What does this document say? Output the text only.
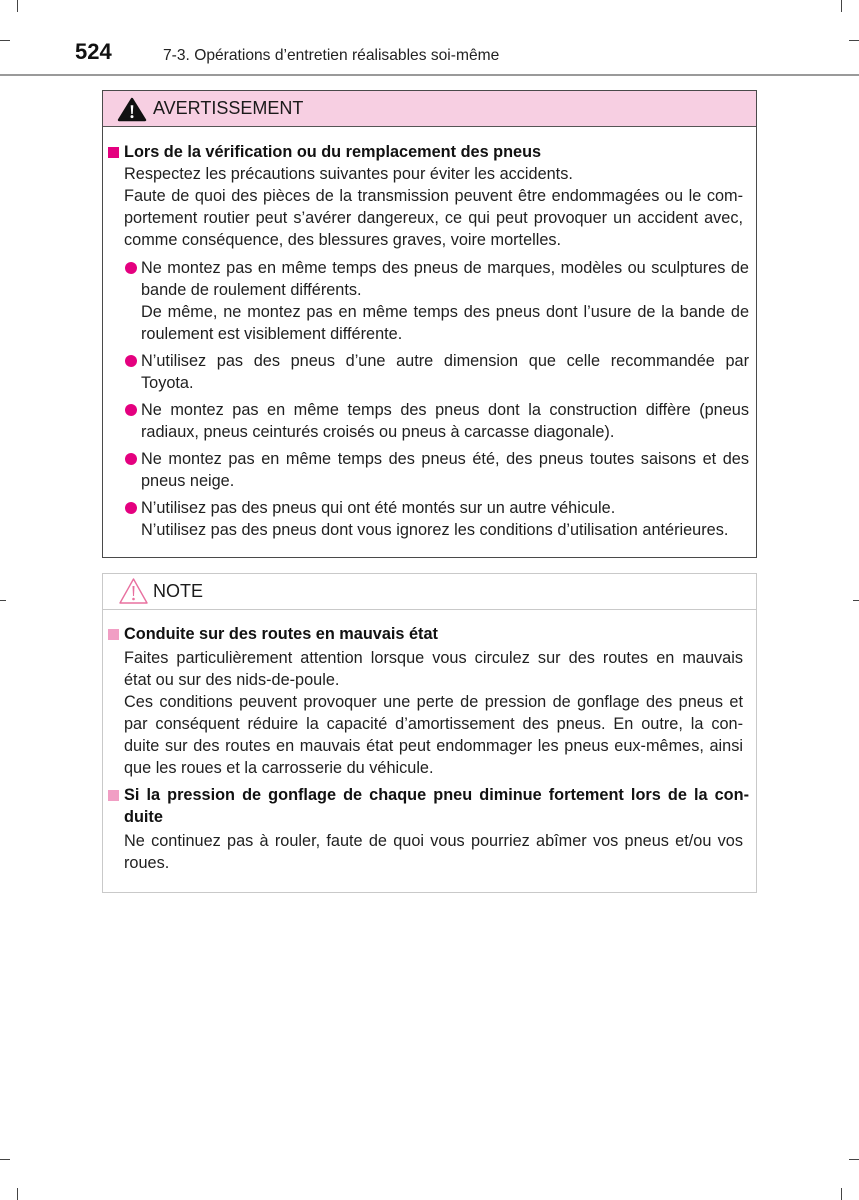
524	7-3. Opérations d’entretien réalisables soi-même
AVERTISSEMENT
Lors de la vérification ou du remplacement des pneus
Respectez les précautions suivantes pour éviter les accidents.
Faute de quoi des pièces de la transmission peuvent être endommagées ou le com-
portement routier peut s’avérer dangereux, ce qui peut provoquer un accident avec,
comme conséquence, des blessures graves, voire mortelles.
Ne montez pas en même temps des pneus de marques, modèles ou sculptures de
bande de roulement différents.
De même, ne montez pas en même temps des pneus dont l’usure de la bande de
roulement est visiblement différente.
N’utilisez pas des pneus d’une autre dimension que celle recommandée par
Toyota.
Ne montez pas en même temps des pneus dont la construction diffère (pneus
radiaux, pneus ceinturés croisés ou pneus à carcasse diagonale).
Ne montez pas en même temps des pneus été, des pneus toutes saisons et des
pneus neige.
N’utilisez pas des pneus qui ont été montés sur un autre véhicule.
N’utilisez pas des pneus dont vous ignorez les conditions d’utilisation antérieures.
NOTE
Conduite sur des routes en mauvais état
Faites particulièrement attention lorsque vous circulez sur des routes en mauvais
état ou sur des nids-de-poule.
Ces conditions peuvent provoquer une perte de pression de gonflage des pneus et
par conséquent réduire la capacité d’amortissement des pneus. En outre, la con-
duite sur des routes en mauvais état peut endommager les pneus eux-mêmes, ainsi
que les roues et la carrosserie du véhicule.
Si la pression de gonflage de chaque pneu diminue fortement lors de la con-
duite
Ne continuez pas à rouler, faute de quoi vous pourriez abîmer vos pneus et/ou vos
roues.
